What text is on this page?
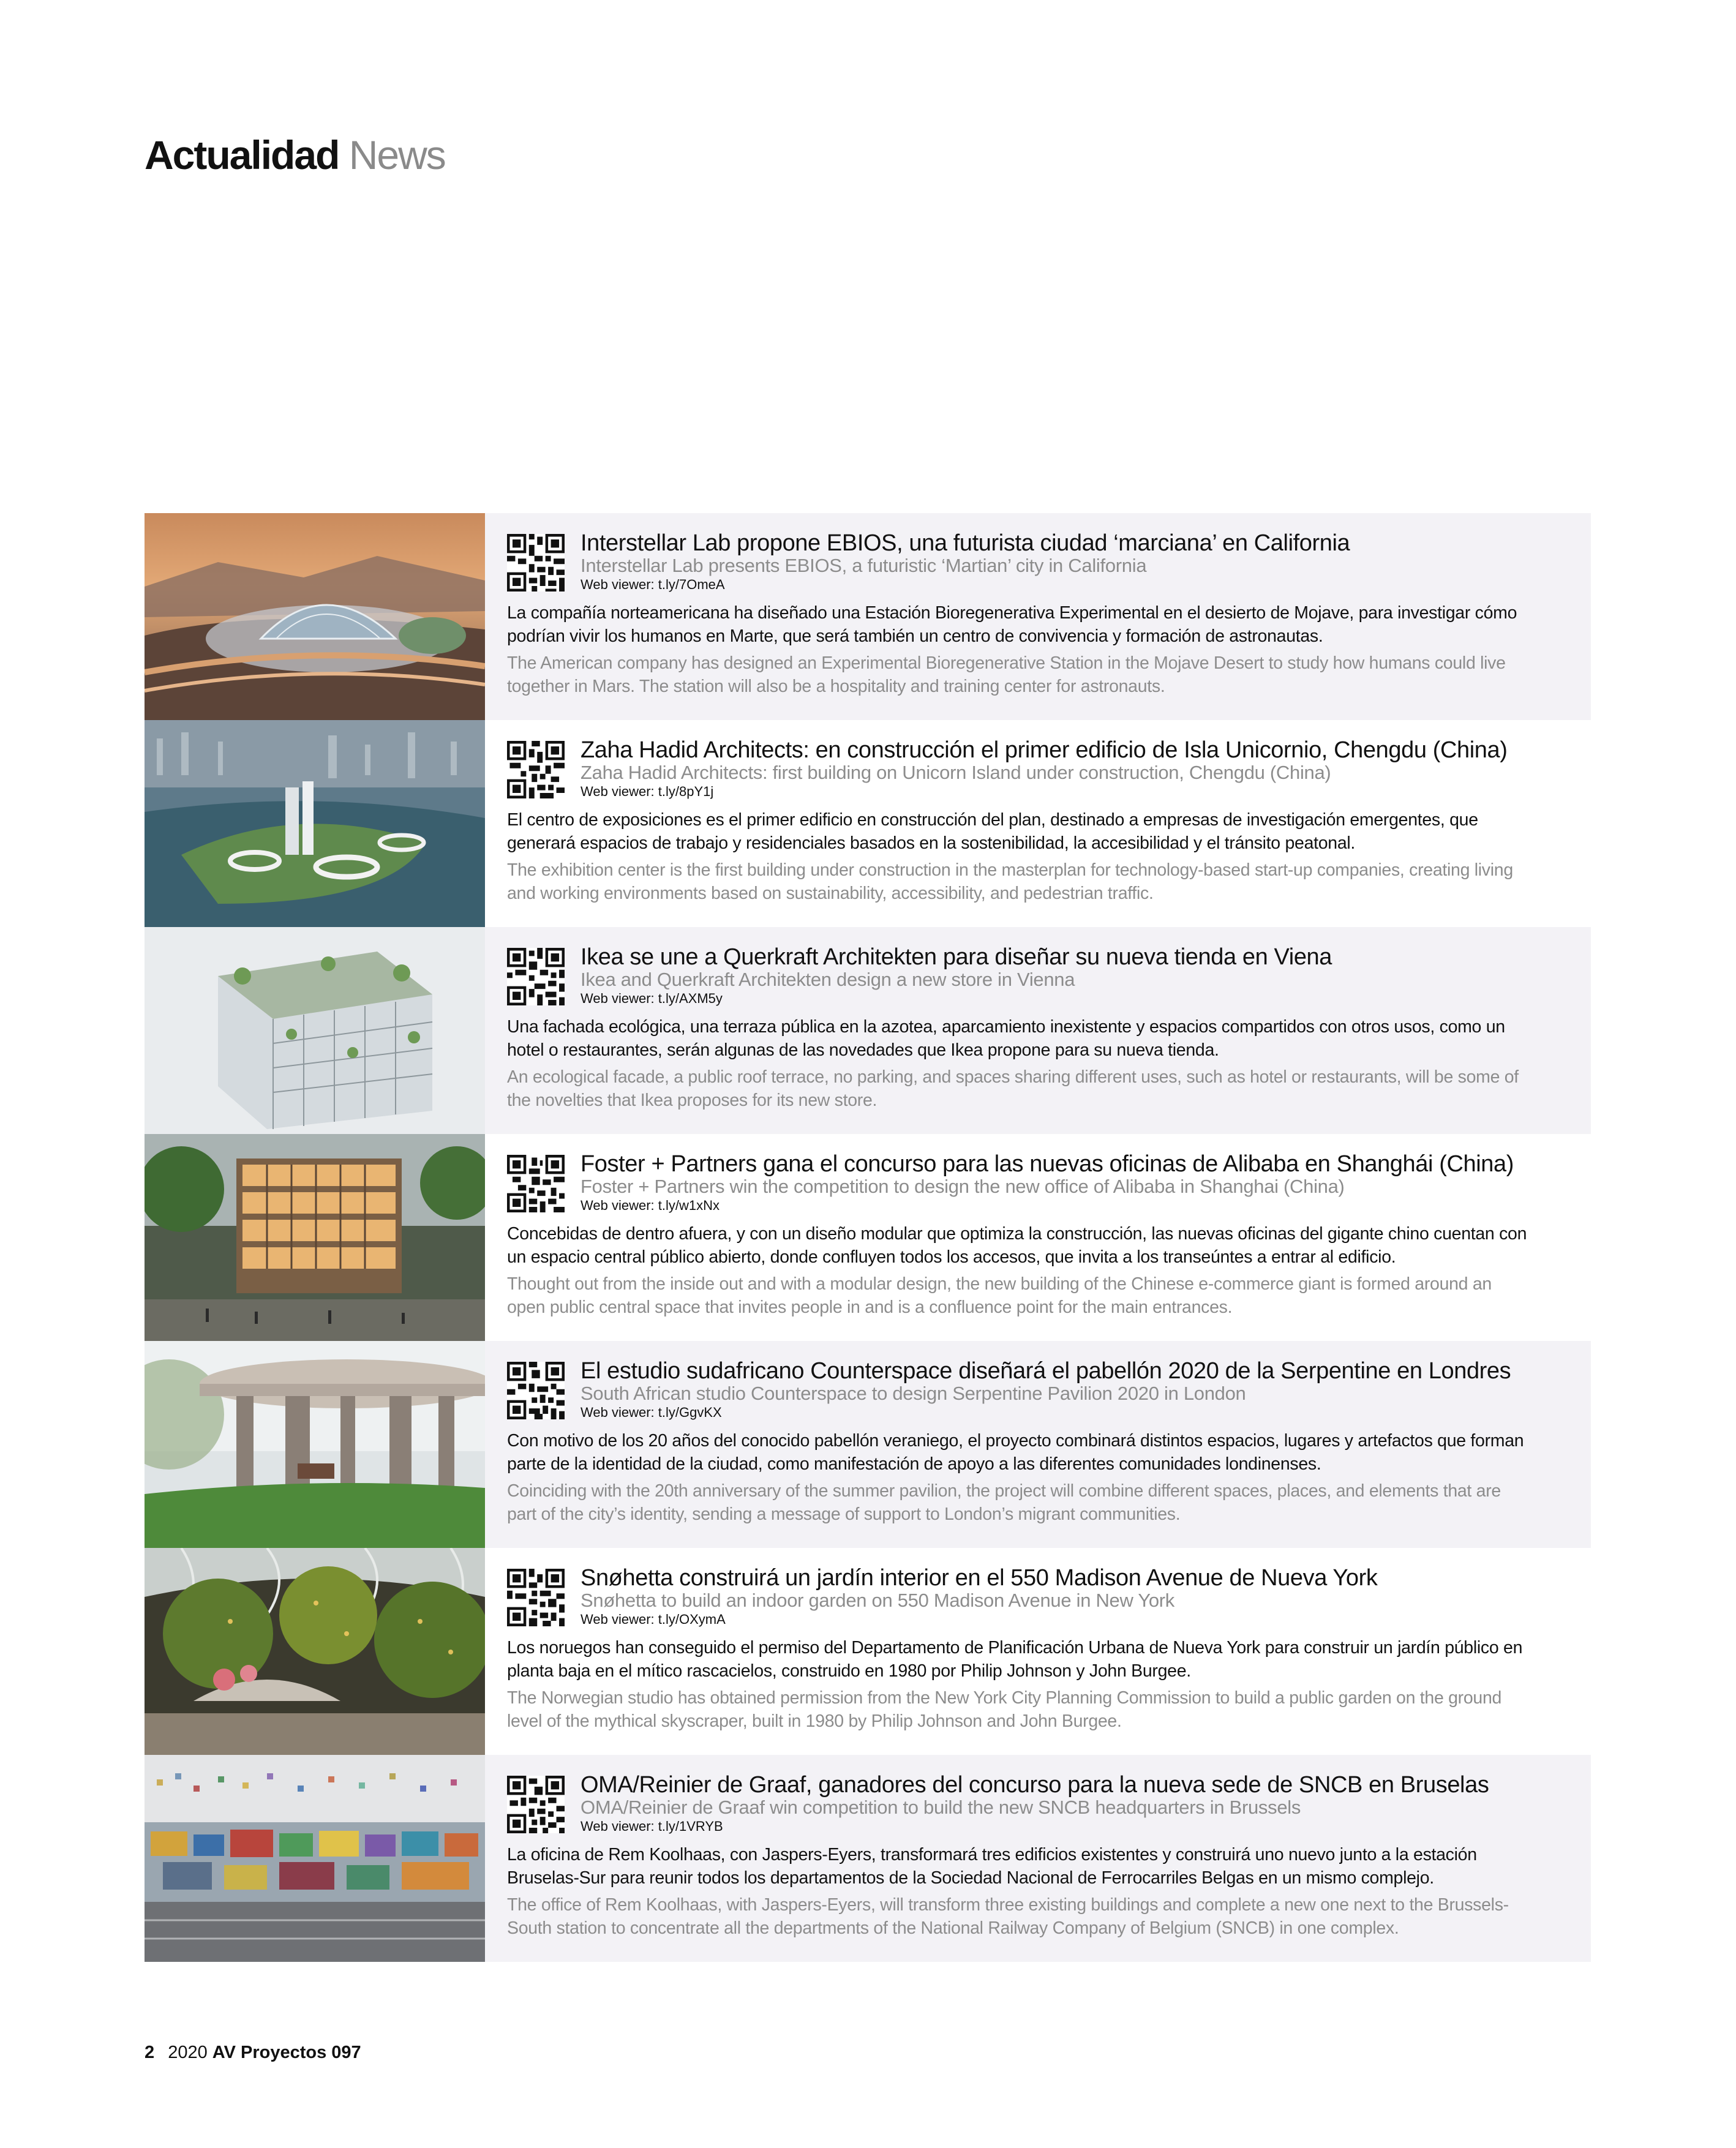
Actualidad News
Interstellar Lab propone EBIOS, una futurista ciudad ‘marciana’ en California
Interstellar Lab presents EBIOS, a futuristic ‘Martian’ city in California
Web viewer: t.ly/7OmeA
La compañía norteamericana ha diseñado una Estación Bioregenerativa Experimental en el desierto de Mojave, para investigar cómo podrían vivir los humanos en Marte, que será también un centro de convivencia y formación de astronautas.
The American company has designed an Experimental Bioregenerative Station in the Mojave Desert to study how humans could live together in Mars. The station will also be a hospitality and training center for astronauts.
Zaha Hadid Architects: en construcción el primer edificio de Isla Unicornio, Chengdu (China)
Zaha Hadid Architects: first building on Unicorn Island under construction, Chengdu (China)
Web viewer: t.ly/8pY1j
El centro de exposiciones es el primer edificio en construcción del plan, destinado a empresas de investigación emergentes, que generará espacios de trabajo y residenciales basados en la sostenibilidad, la accesibilidad y el tránsito peatonal.
The exhibition center is the first building under construction in the masterplan for technology-based start-up companies, creating living and working environments based on sustainability, accessibility, and pedestrian traffic.
Ikea se une a Querkraft Architekten para diseñar su nueva tienda en Viena
Ikea and Querkraft Architekten design a new store in Vienna
Web viewer: t.ly/AXM5y
Una fachada ecológica, una terraza pública en la azotea, aparcamiento inexistente y espacios compartidos con otros usos, como un hotel o restaurantes, serán algunas de las novedades que Ikea propone para su nueva tienda.
An ecological facade, a public roof terrace, no parking, and spaces sharing different uses, such as hotel or restaurants, will be some of the novelties that Ikea proposes for its new store.
Foster + Partners gana el concurso para las nuevas oficinas de Alibaba en Shanghái (China)
Foster + Partners win the competition to design the new office of Alibaba in Shanghai (China)
Web viewer: t.ly/w1xNx
Concebidas de dentro afuera, y con un diseño modular que optimiza la construcción, las nuevas oficinas del gigante chino cuentan con un espacio central público abierto, donde confluyen todos los accesos, que invita a los transeúntes a entrar al edificio.
Thought out from the inside out and with a modular design, the new building of the Chinese e-commerce giant is formed around an open public central space that invites people in and is a confluence point for the main entrances.
El estudio sudafricano Counterspace diseñará el pabellón 2020 de la Serpentine en Londres
South African studio Counterspace to design Serpentine Pavilion 2020 in London
Web viewer: t.ly/GgvKX
Con motivo de los 20 años del conocido pabellón veraniego, el proyecto combinará distintos espacios, lugares y artefactos que forman parte de la identidad de la ciudad, como manifestación de apoyo a las diferentes comunidades londinenses.
Coinciding with the 20th anniversary of the summer pavilion, the project will combine different spaces, places, and elements that are part of the city’s identity, sending a message of support to London’s migrant communities.
Snøhetta construirá un jardín interior en el 550 Madison Avenue de Nueva York
Snøhetta to build an indoor garden on 550 Madison Avenue in New York
Web viewer: t.ly/OXymA
Los noruegos han conseguido el permiso del Departamento de Planificación Urbana de Nueva York para construir un jardín público en planta baja en el mítico rascacielos, construido en 1980 por Philip Johnson y John Burgee.
The Norwegian studio has obtained permission from the New York City Planning Commission to build a public garden on the ground level of the mythical skyscraper, built in 1980 by Philip Johnson and John Burgee.
OMA/Reinier de Graaf, ganadores del concurso para la nueva sede de SNCB en Bruselas
OMA/Reinier de Graaf win competition to build the new SNCB headquarters in Brussels
Web viewer: t.ly/1VRYB
La oficina de Rem Koolhaas, con Jaspers-Eyers, transformará tres edificios existentes y construirá uno nuevo junto a la estación Bruselas-Sur para reunir todos los departamentos de la Sociedad Nacional de Ferrocarriles Belgas en un mismo complejo.
The office of Rem Koolhaas, with Jaspers-Eyers, will transform three existing buildings and complete a new one next to the Brussels-South station to concentrate all the departments of the National Railway Company of Belgium (SNCB) in one complex.
2 2020 AV Proyectos 097
